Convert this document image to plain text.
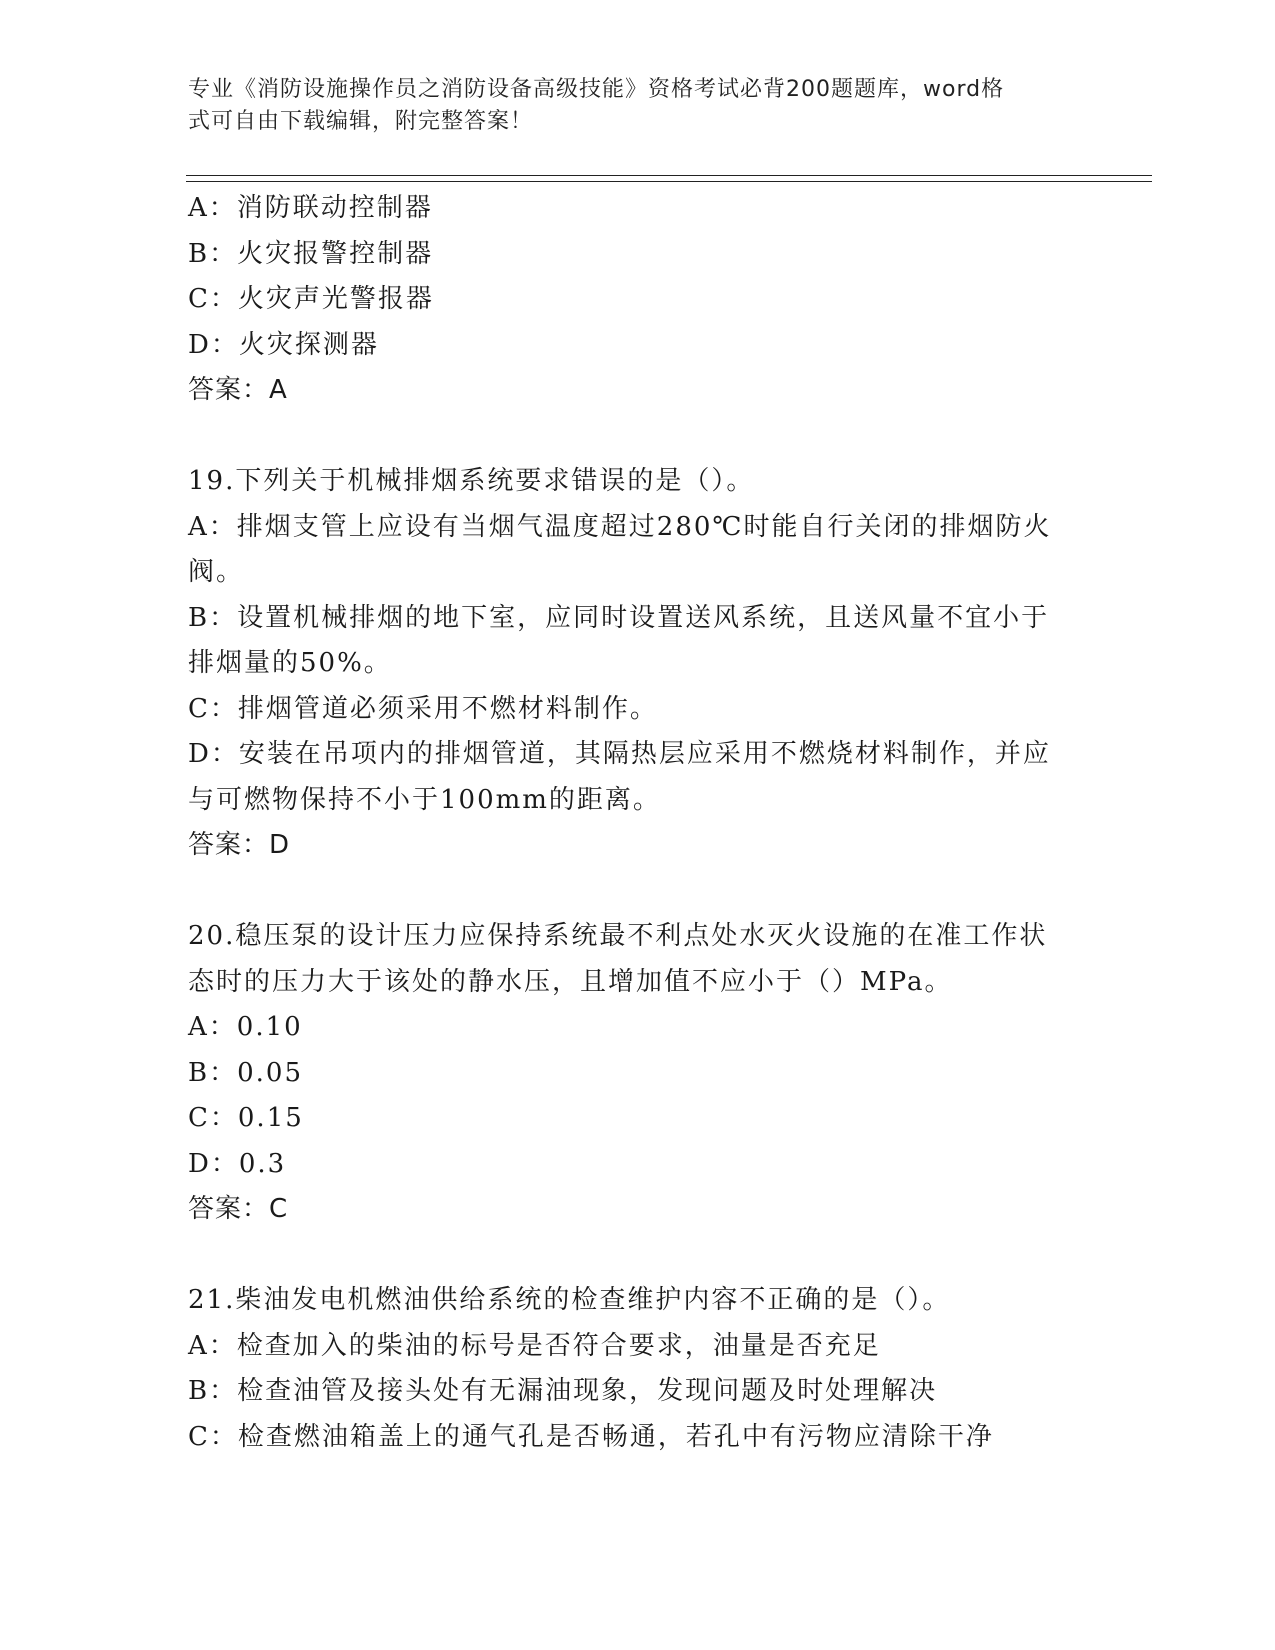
专业《消防设施操作员之消防设备高级技能》资格考试必背200题题库，word格
式可自由下载编辑，附完整答案！
A：消防联动控制器
B：火灾报警控制器
C：火灾声光警报器
D：火灾探测器
答案：A
19.下列关于机械排烟系统要求错误的是（）。
A：排烟支管上应设有当烟气温度超过280℃时能自行关闭的排烟防火
阀。
B：设置机械排烟的地下室，应同时设置送风系统，且送风量不宜小于
排烟量的50%。
C：排烟管道必须采用不燃材料制作。
D：安装在吊项内的排烟管道，其隔热层应采用不燃烧材料制作，并应
与可燃物保持不小于100mm的距离。
答案：D
20.稳压泵的设计压力应保持系统最不利点处水灭火设施的在准工作状
态时的压力大于该处的静水压，且增加值不应小于（）MPa。
A：0.10
B：0.05
C：0.15
D：0.3
答案：C
21.柴油发电机燃油供给系统的检查维护内容不正确的是（）。
A：检查加入的柴油的标号是否符合要求，油量是否充足
B：检查油管及接头处有无漏油现象，发现问题及时处理解决
C：检查燃油箱盖上的通气孔是否畅通，若孔中有污物应清除干净
